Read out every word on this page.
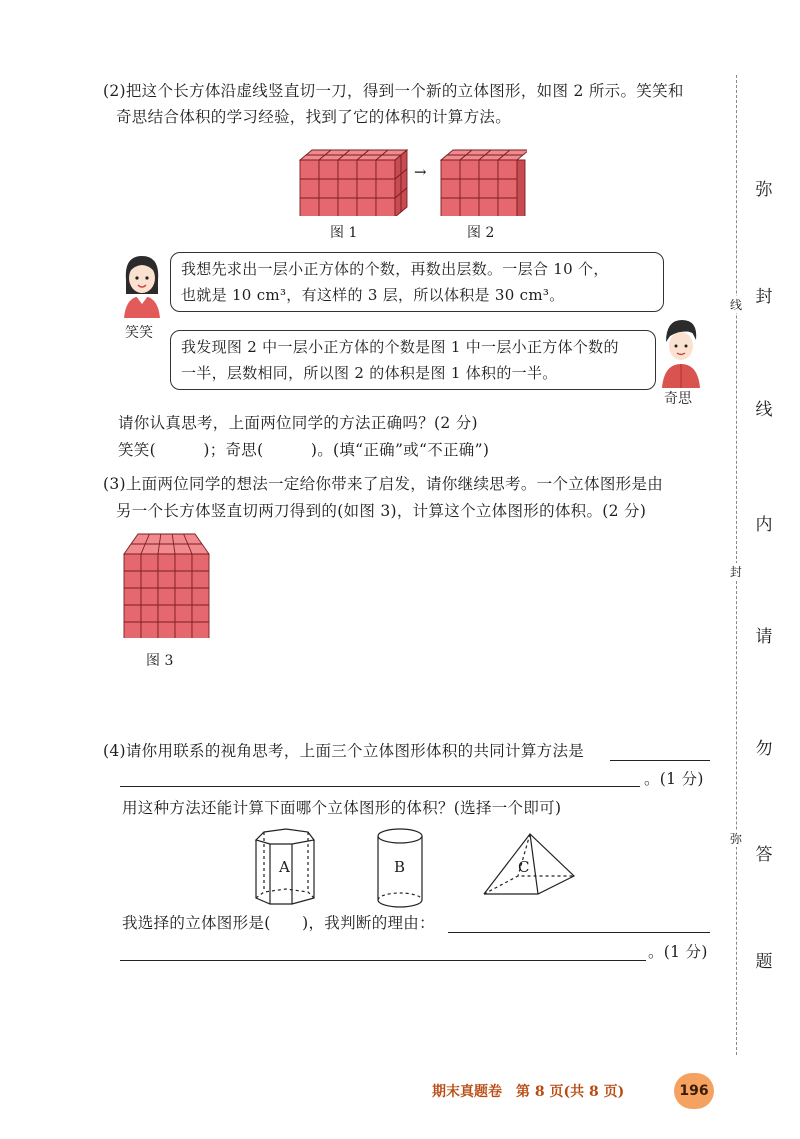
(2)把这个长方体沿虚线竖直切一刀，得到一个新的立体图形，如图 2 所示。笑笑和
奇思结合体积的学习经验，找到了它的体积的计算方法。
→
图 1	图 2
笑笑
我想先求出一层小正方体的个数，再数出层数。一层合 10 个，
也就是 10 cm³，有这样的 3 层，所以体积是 30 cm³。
我发现图 2 中一层小正方体的个数是图 1 中一层小正方体个数的
一半，层数相同，所以图 2 的体积是图 1 体积的一半。
奇思
请你认真思考，上面两位同学的方法正确吗？(2 分)
笑笑(　　　)；奇思(　　　)。(填“正确”或“不正确”)
(3)上面两位同学的想法一定给你带来了启发，请你继续思考。一个立体图形是由
另一个长方体竖直切两刀得到的(如图 3)，计算这个立体图形的体积。(2 分)
图 3
(4)请你用联系的视角思考，上面三个立体图形体积的共同计算方法是
。(1 分)
用这种方法还能计算下面哪个立体图形的体积？(选择一个即可)
A	B	C
我选择的立体图形是(　　)，我判断的理由：
。(1 分)
线
封
弥
弥
封
线
内
请
勿
答
题
期末真题卷　第 8 页(共 8 页)	196
